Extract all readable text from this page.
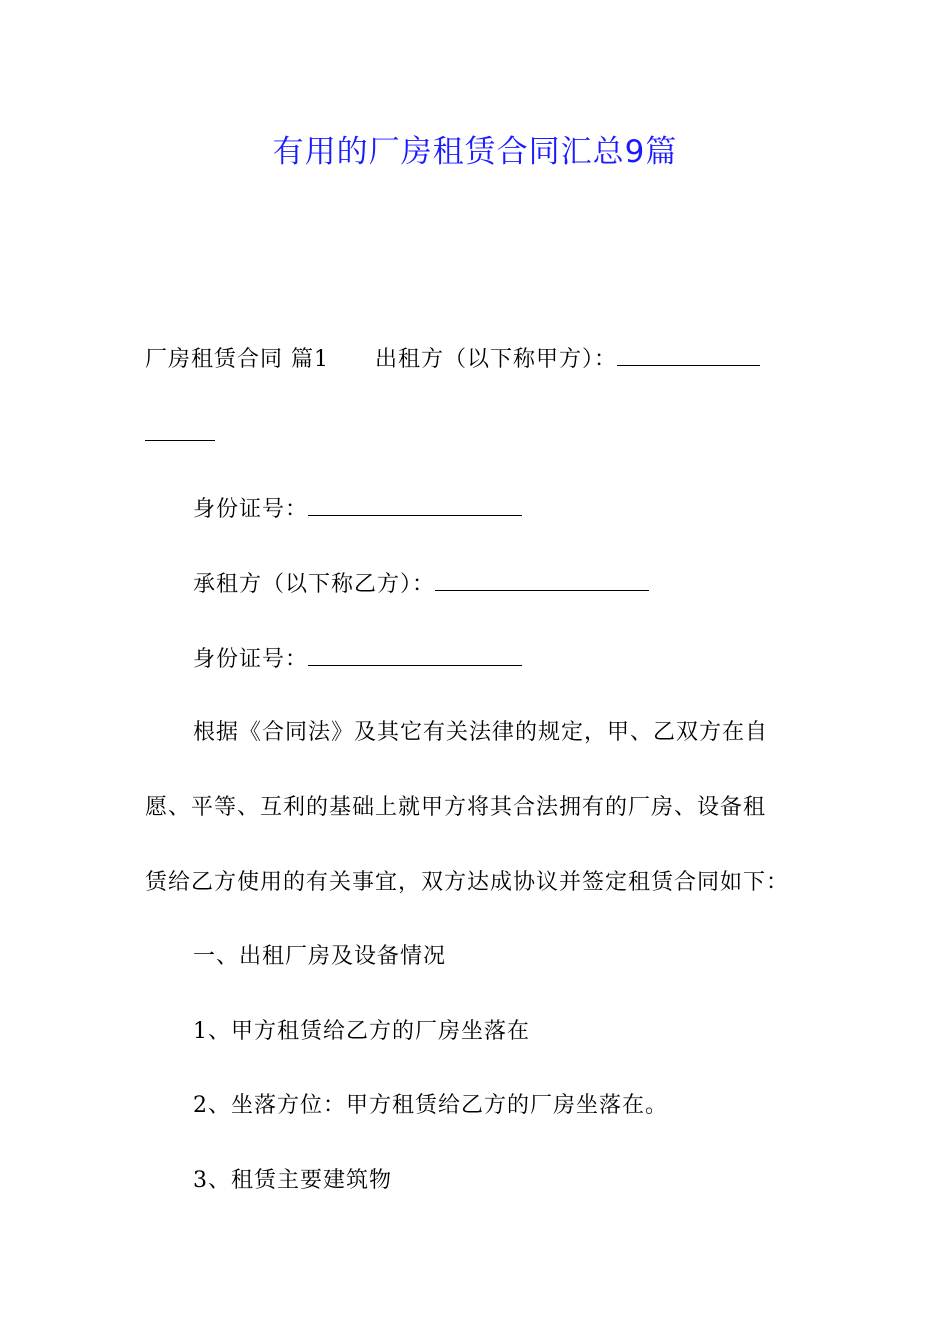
有用的厂房租赁合同汇总9篇
厂房租赁合同 篇1 出租方（以下称甲方）：
身份证号：
承租方（以下称乙方）：
身份证号：
根据《合同法》及其它有关法律的规定，甲、乙双方在自
愿、平等、互利的基础上就甲方将其合法拥有的厂房、设备租
赁给乙方使用的有关事宜，双方达成协议并签定租赁合同如下：
一、出租厂房及设备情况
1、甲方租赁给乙方的厂房坐落在
2、坐落方位：甲方租赁给乙方的厂房坐落在。
3、租赁主要建筑物
